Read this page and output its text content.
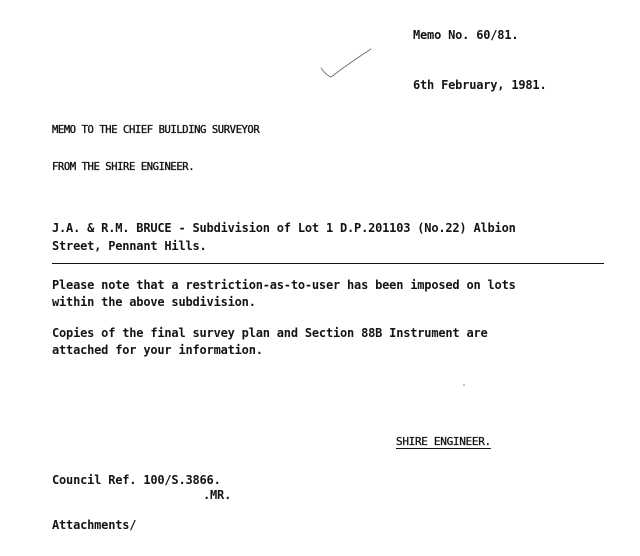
Memo No. 60/81.
6th February, 1981.
MEMO TO THE CHIEF BUILDING SURVEYOR
FROM THE SHIRE ENGINEER.
J.A. & R.M. BRUCE - Subdivision of Lot 1 D.P.201103 (No.22) Albion
Street, Pennant Hills.
Please note that a restriction-as-to-user has been imposed on lots
within the above subdivision.
Copies of the final survey plan and Section 88B Instrument are
attached for your information.
SHIRE ENGINEER.
Council Ref. 100/S.3866.
.MR.
Attachments/
